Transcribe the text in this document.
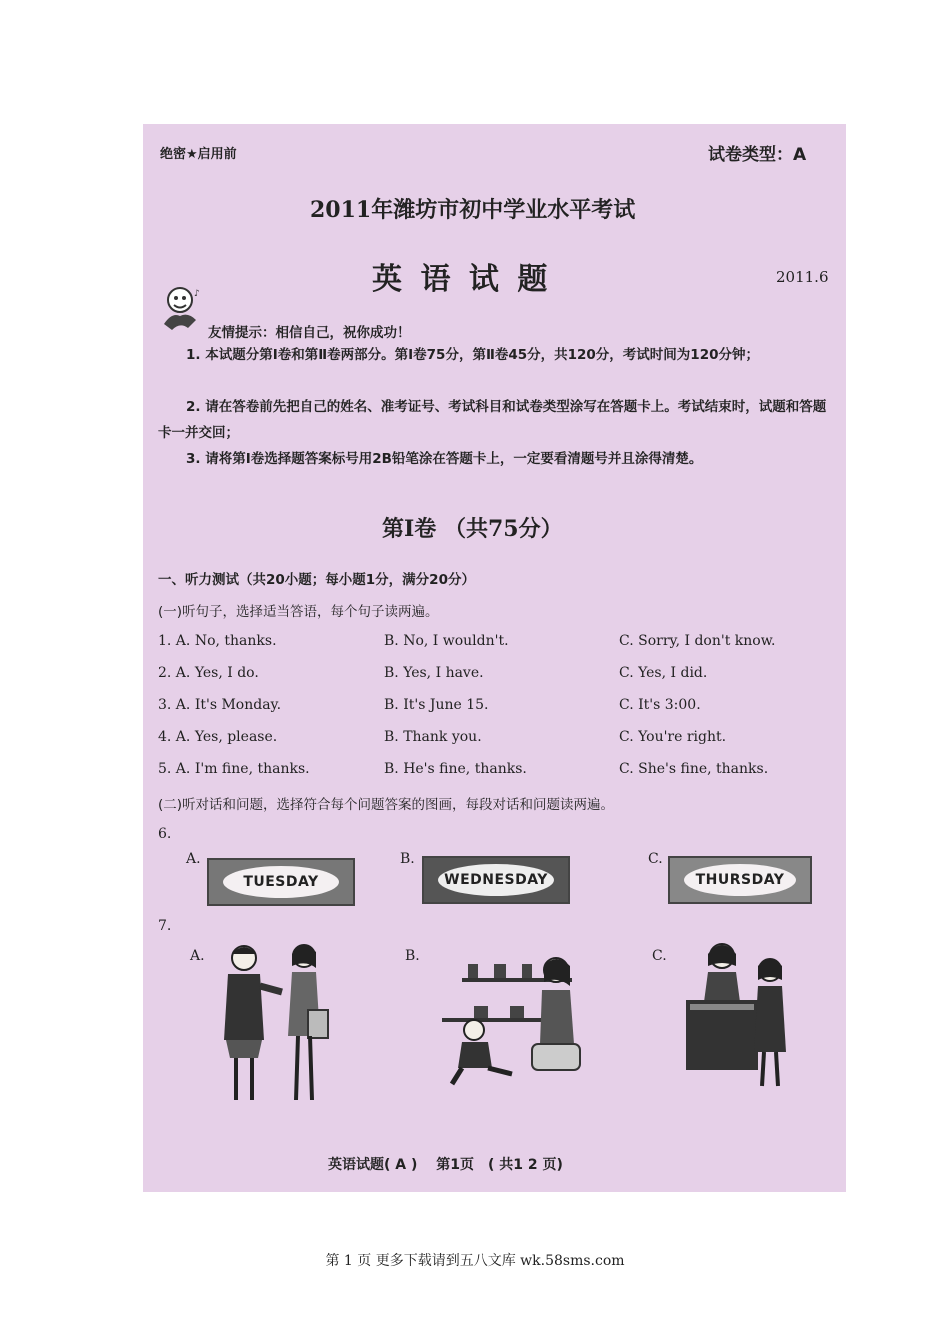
绝密★启用前	试卷类型：A
2011年潍坊市初中学业水平考试
英 语 试 题	2011.6
♪
友情提示：相信自己，祝你成功！
1. 本试题分第Ⅰ卷和第Ⅱ卷两部分。第Ⅰ卷75分，第Ⅱ卷45分，共120分，考试时间为120分钟；
2. 请在答卷前先把自己的姓名、准考证号、考试科目和试卷类型涂写在答题卡上。考试结束时，试题和答题卡一并交回；
3. 请将第Ⅰ卷选择题答案标号用2B铅笔涂在答题卡上，一定要看清题号并且涂得清楚。
第Ⅰ卷 （共75分）
一、听力测试（共20小题；每小题1分，满分20分）
(一)听句子，选择适当答语，每个句子读两遍。
1. A. No, thanks.	B. No, I wouldn't.	C. Sorry, I don't know.
2. A. Yes, I do.	B. Yes, I have.	C. Yes, I did.
3. A. It's Monday.	B. It's June 15.	C. It's 3:00.
4. A. Yes, please.	B. Thank you.	C. You're right.
5. A. I'm fine, thanks.	B. He's fine, thanks.	C. She's fine, thanks.
(二)听对话和问题，选择符合每个问题答案的图画，每段对话和问题读两遍。
6.
A.
TUESDAY
B.
WEDNESDAY
C.
THURSDAY
7.
A.	B.	C.
英语试题( A )　 第1页　( 共1 2 页)
第 1 页 更多下载请到五八文库 wk.58sms.com
